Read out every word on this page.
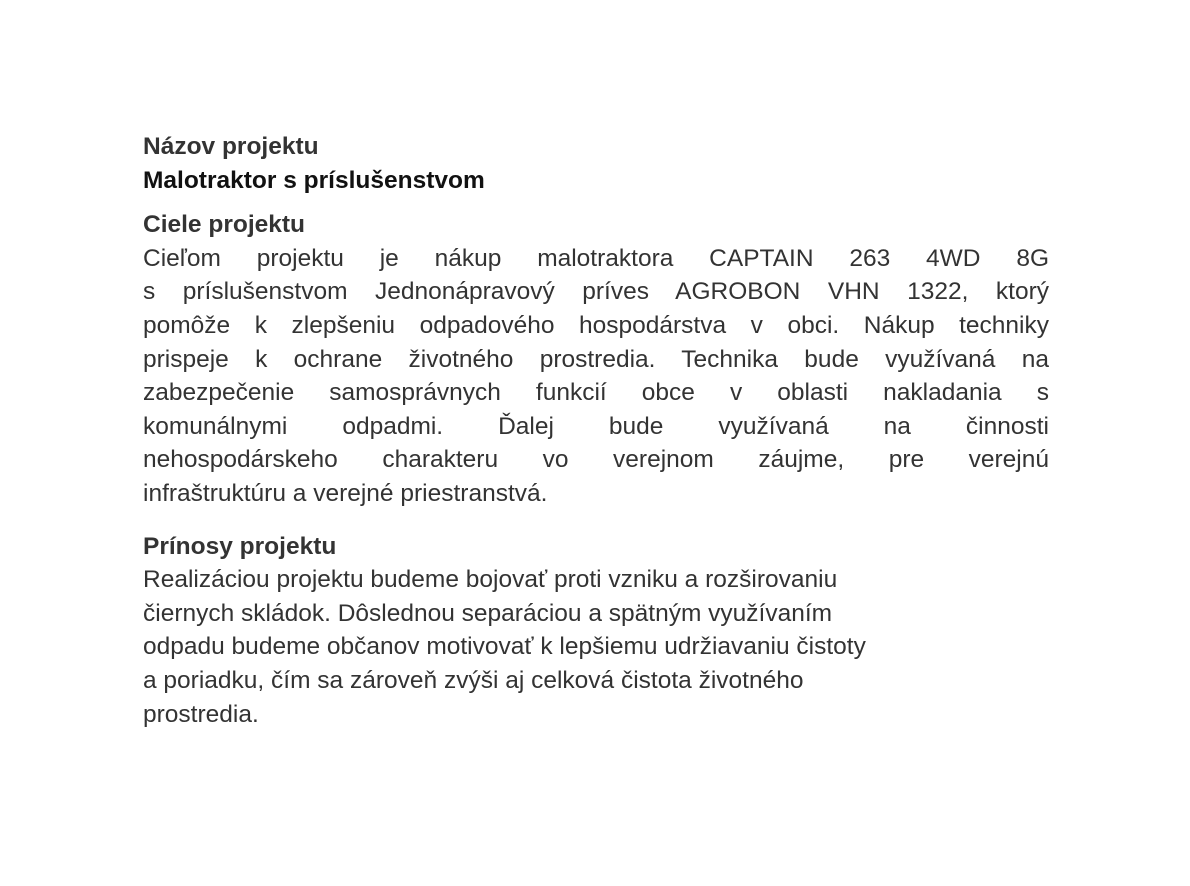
Názov projektu

Malotraktor s príslušenstvom

Ciele projektu

Cieľom projektu je nákup malotraktora CAPTAIN 263 4WD 8G
s príslušenstvom Jednonápravový príves AGROBON VHN 1322, ktorý
pomôže k zlepšeniu odpadového hospodárstva v obci. Nákup techniky
prispeje k ochrane životného prostredia. Technika bude využívaná na
zabezpečenie samosprávnych funkcií obce v oblasti nakladania s
komunálnymi odpadmi. Ďalej bude využívaná na činnosti
nehospodárskeho charakteru vo verejnom záujme, pre verejnú
infraštruktúru a verejné priestranstvá.

Prínosy projektu

Realizáciou projektu budeme bojovať proti vzniku a rozširovaniu
čiernych skládok. Dôslednou separáciou a spätným využívaním
odpadu budeme občanov motivovať k lepšiemu udržiavaniu čistoty
a poriadku, čím sa zároveň zvýši aj celková čistota životného
prostredia.
